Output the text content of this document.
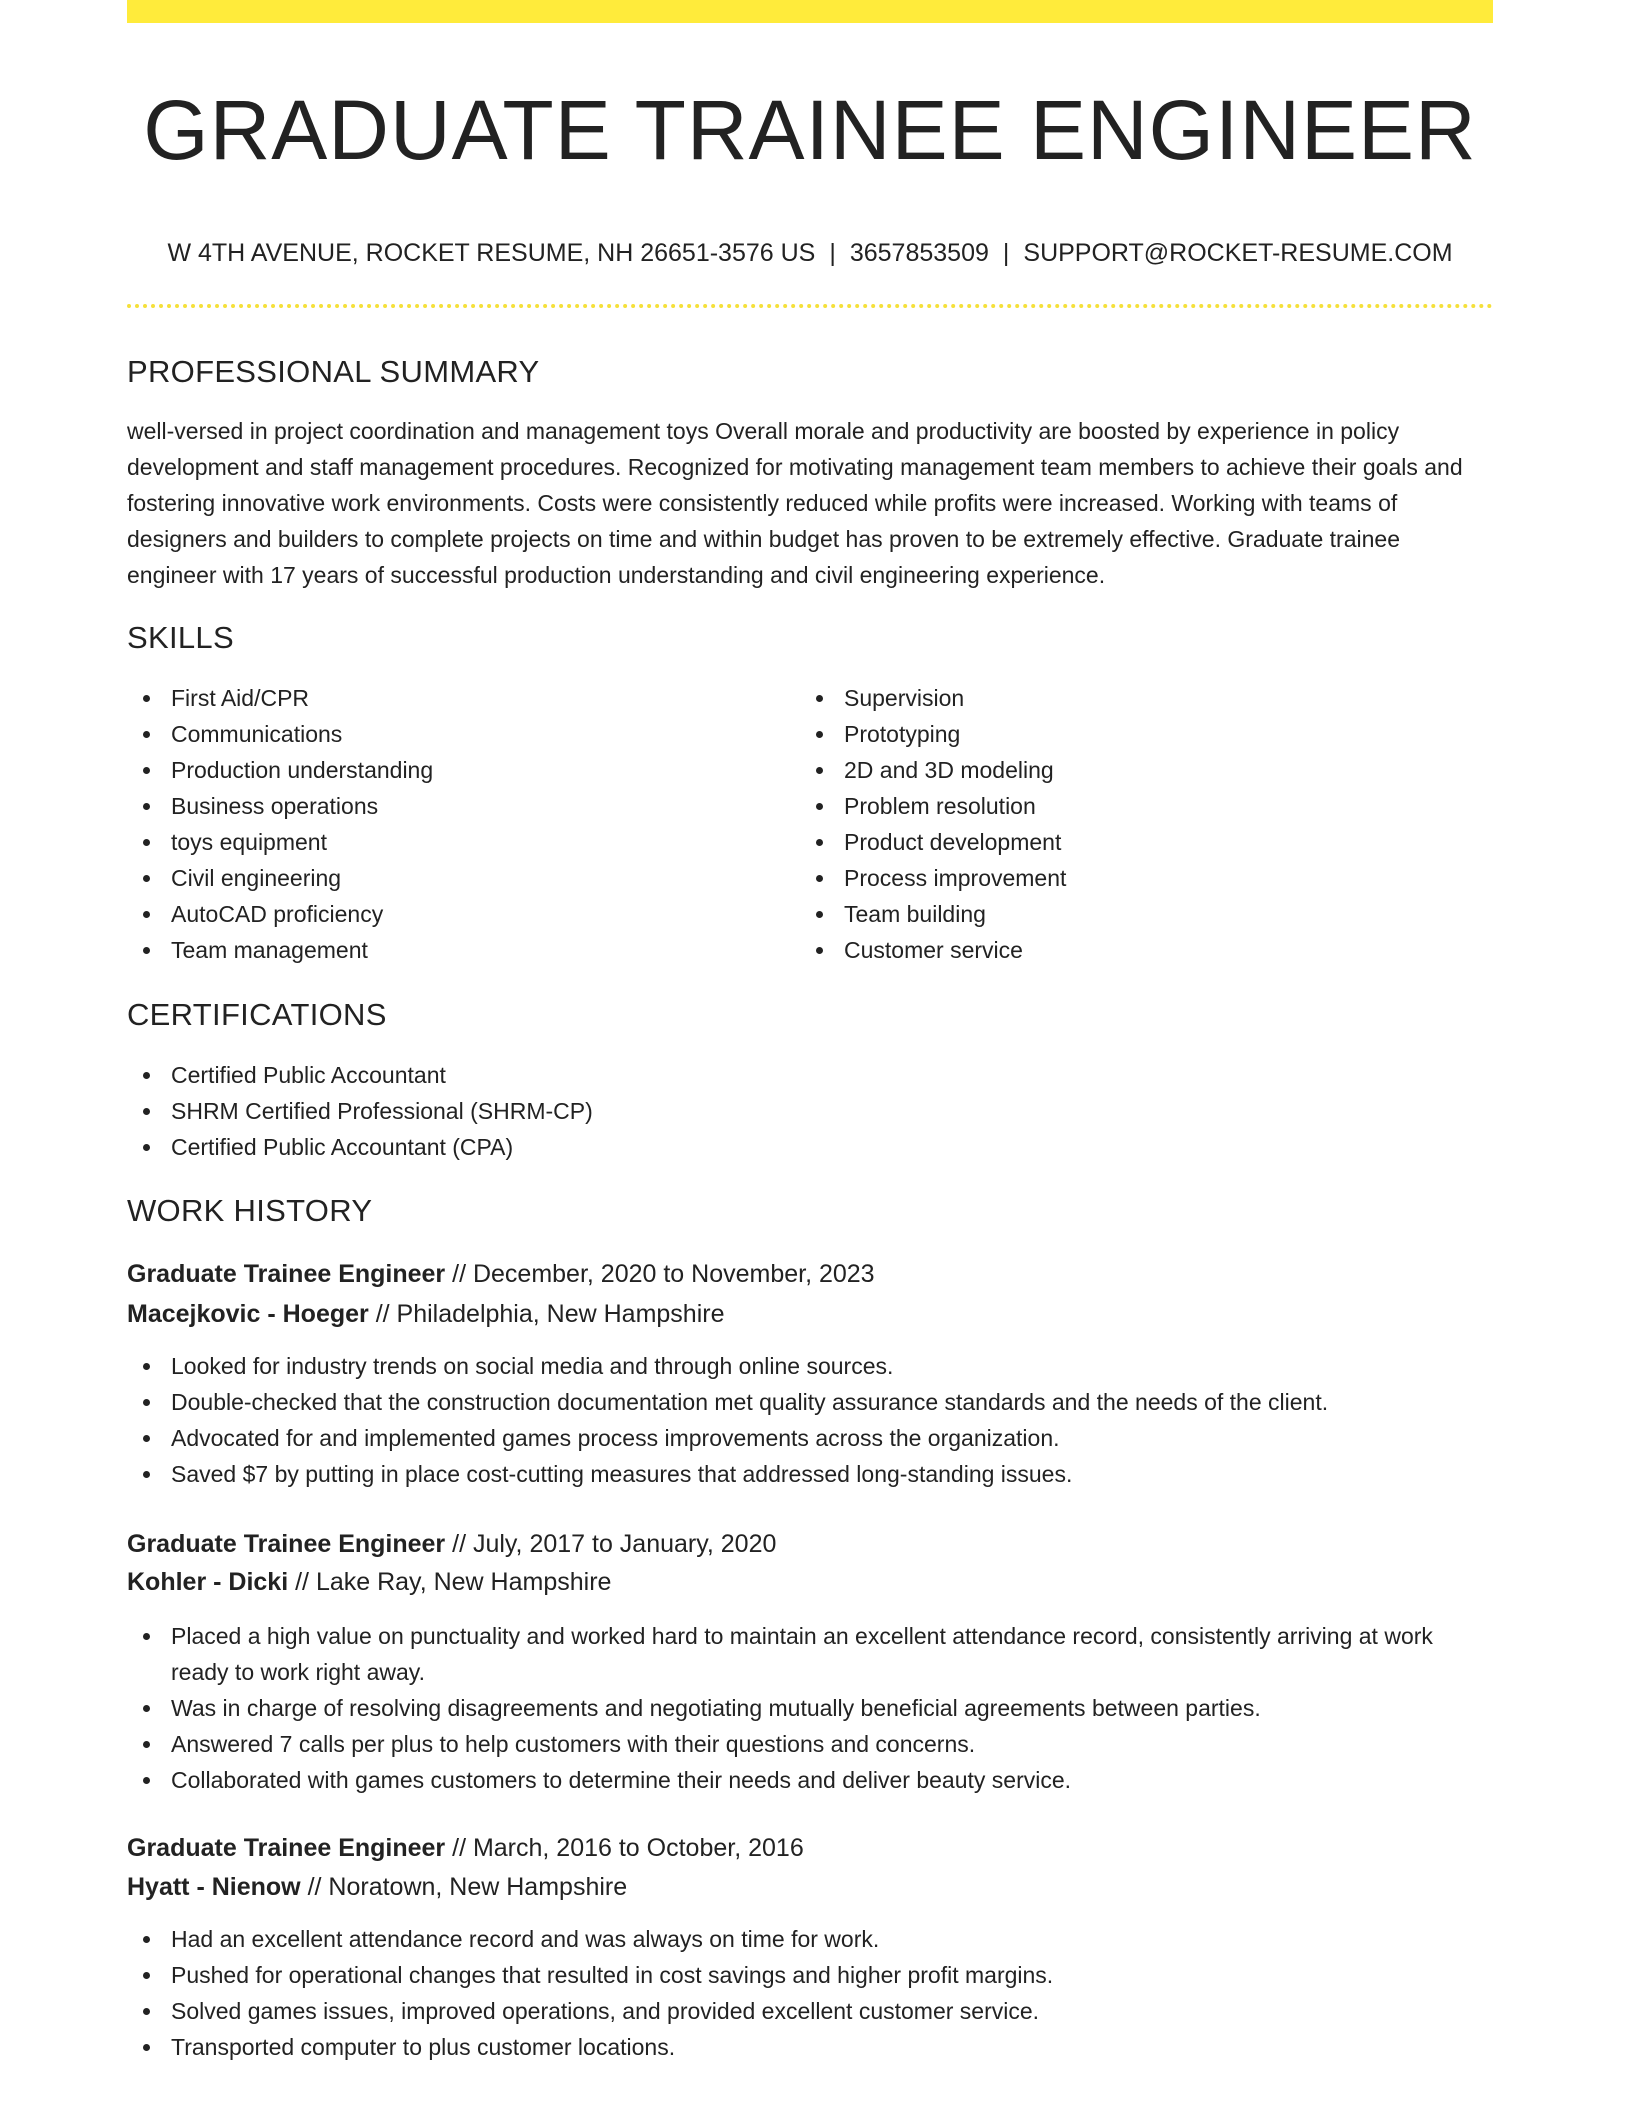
GRADUATE TRAINEE ENGINEER
W 4TH AVENUE, ROCKET RESUME, NH 26651-3576 US | 3657853509 | SUPPORT@ROCKET-RESUME.COM
PROFESSIONAL SUMMARY

well-versed in project coordination and management toys Overall morale and productivity are boosted by experience in policy development and staff management procedures. Recognized for motivating management team members to achieve their goals and fostering innovative work environments. Costs were consistently reduced while profits were increased. Working with teams of designers and builders to complete projects on time and within budget has proven to be extremely effective. Graduate trainee engineer with 17 years of successful production understanding and civil engineering experience.

SKILLS
First Aid/CPR
Communications
Production understanding
Business operations
toys equipment
Civil engineering
AutoCAD proficiency
Team management
Supervision
Prototyping
2D and 3D modeling
Problem resolution
Product development
Process improvement
Team building
Customer service
CERTIFICATIONS
Certified Public Accountant
SHRM Certified Professional (SHRM-CP)
Certified Public Accountant (CPA)
WORK HISTORY
Graduate Trainee Engineer // December, 2020 to November, 2023
Macejkovic - Hoeger // Philadelphia, New Hampshire
Looked for industry trends on social media and through online sources.
Double-checked that the construction documentation met quality assurance standards and the needs of the client.
Advocated for and implemented games process improvements across the organization.
Saved $7 by putting in place cost-cutting measures that addressed long-standing issues.
Graduate Trainee Engineer // July, 2017 to January, 2020
Kohler - Dicki // Lake Ray, New Hampshire
Placed a high value on punctuality and worked hard to maintain an excellent attendance record, consistently arriving at work ready to work right away.
Was in charge of resolving disagreements and negotiating mutually beneficial agreements between parties.
Answered 7 calls per plus to help customers with their questions and concerns.
Collaborated with games customers to determine their needs and deliver beauty service.
Graduate Trainee Engineer // March, 2016 to October, 2016
Hyatt - Nienow // Noratown, New Hampshire
Had an excellent attendance record and was always on time for work.
Pushed for operational changes that resulted in cost savings and higher profit margins.
Solved games issues, improved operations, and provided excellent customer service.
Transported computer to plus customer locations.
